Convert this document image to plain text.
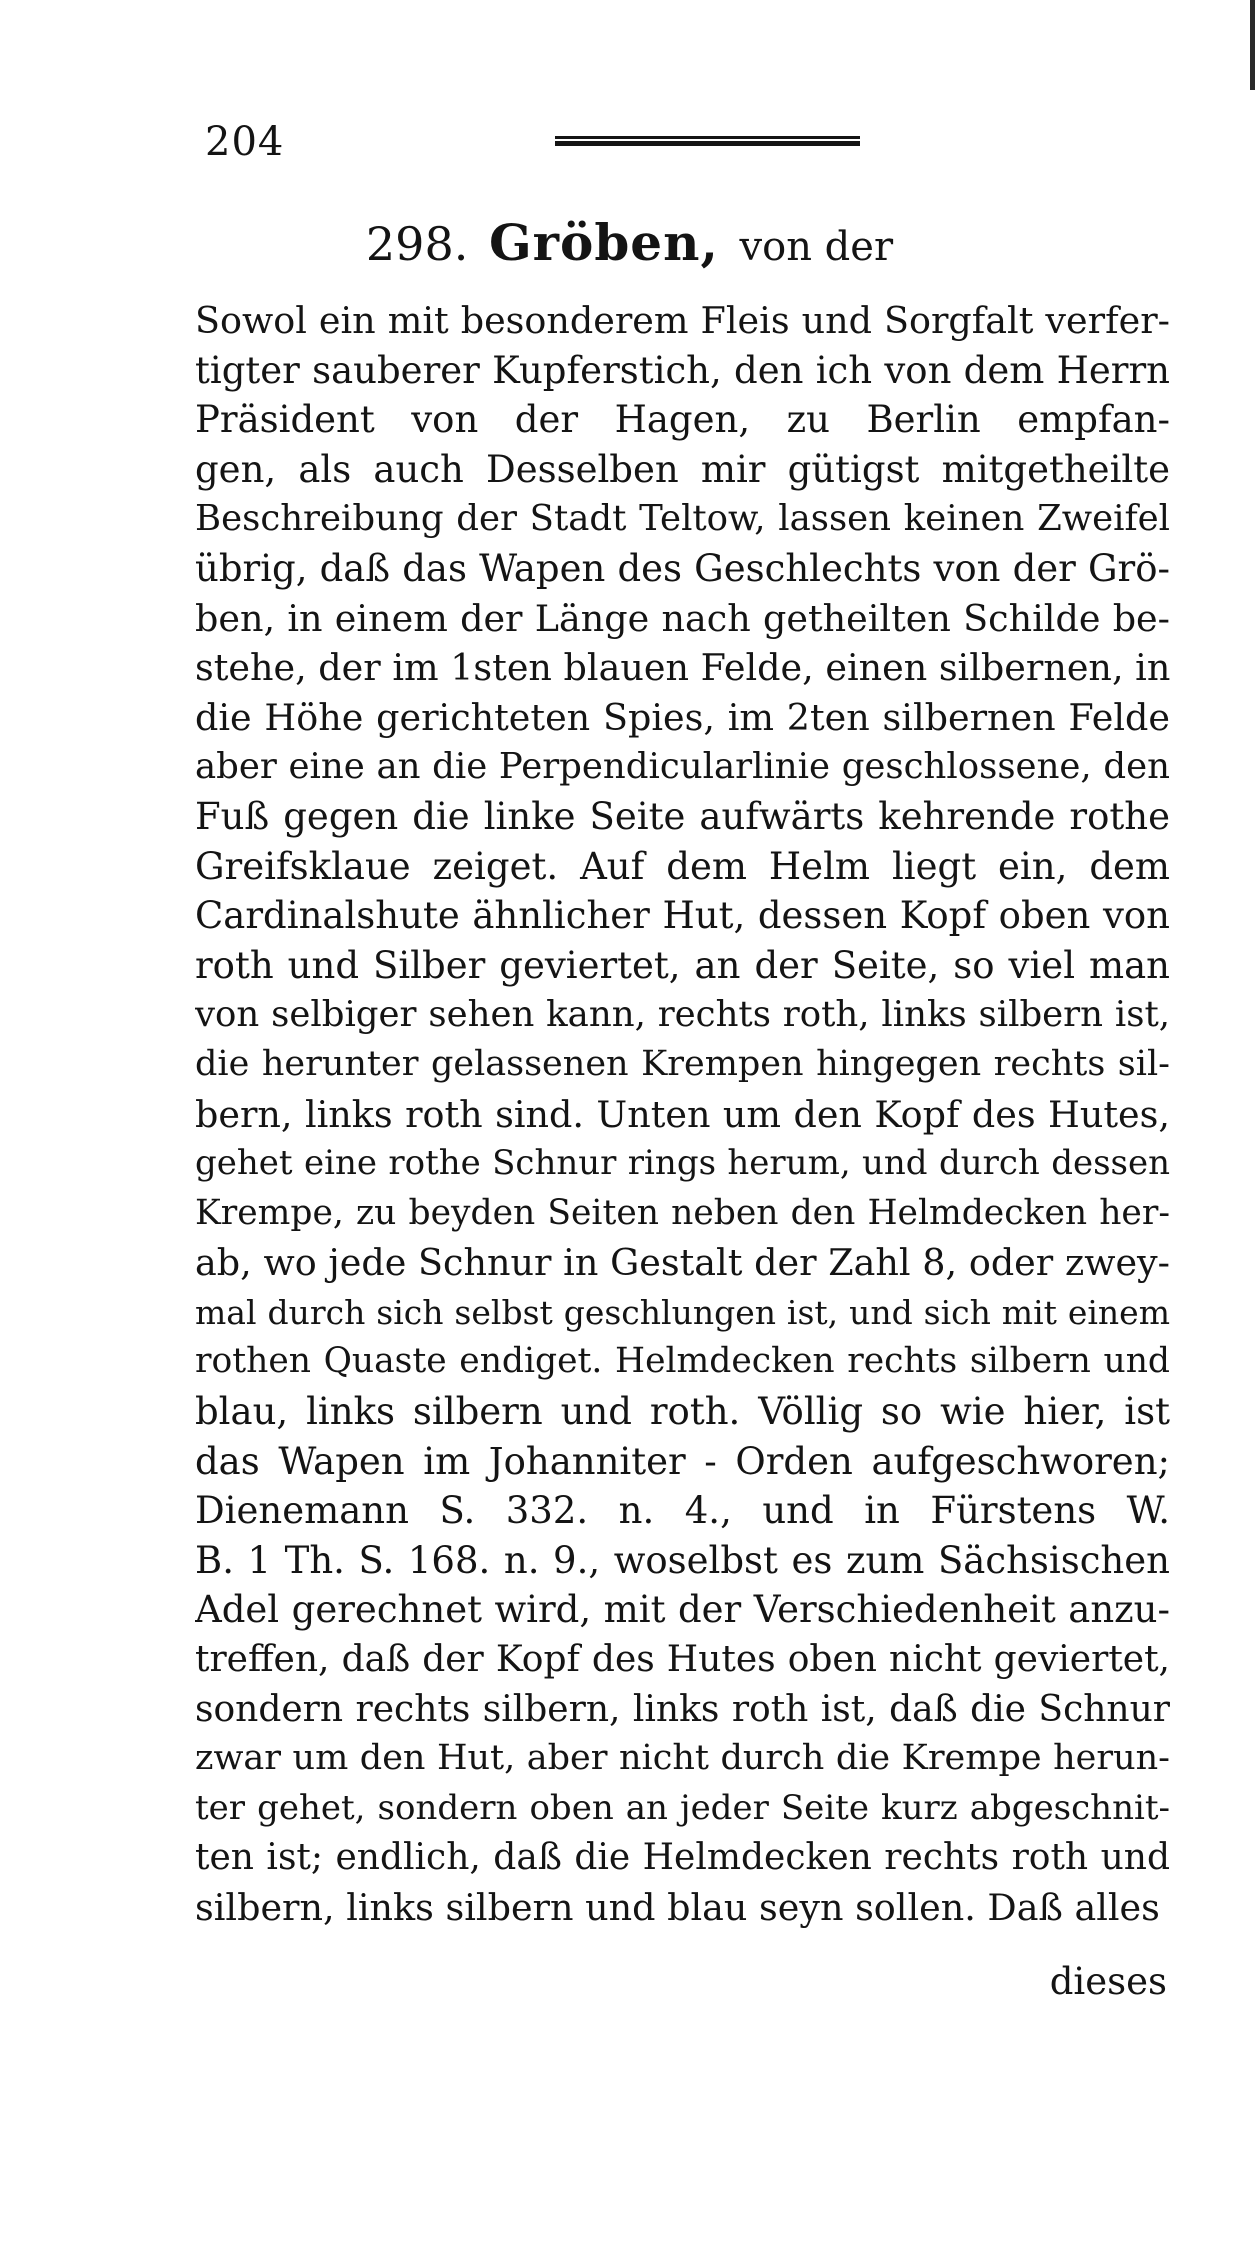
204
298. Gröben, von der
Sowol ein mit besonderem Fleis und Sorgfalt verfer-
tigter sauberer Kupferstich, den ich von dem Herrn
Präsident von der Hagen, zu Berlin empfan-
gen, als auch Desselben mir gütigst mitgetheilte
Beschreibung der Stadt Teltow, lassen keinen Zweifel
übrig, daß das Wapen des Geschlechts von der Grö-
ben, in einem der Länge nach getheilten Schilde be-
stehe, der im 1sten blauen Felde, einen silbernen, in
die Höhe gerichteten Spies, im 2ten silbernen Felde
aber eine an die Perpendicularlinie geschlossene, den
Fuß gegen die linke Seite aufwärts kehrende rothe
Greifsklaue zeiget. Auf dem Helm liegt ein, dem
Cardinalshute ähnlicher Hut, dessen Kopf oben von
roth und Silber geviertet, an der Seite, so viel man
von selbiger sehen kann, rechts roth, links silbern ist,
die herunter gelassenen Krempen hingegen rechts sil-
bern, links roth sind. Unten um den Kopf des Hutes,
gehet eine rothe Schnur rings herum, und durch dessen
Krempe, zu beyden Seiten neben den Helmdecken her-
ab, wo jede Schnur in Gestalt der Zahl 8, oder zwey-
mal durch sich selbst geschlungen ist, und sich mit einem
rothen Quaste endiget. Helmdecken rechts silbern und
blau, links silbern und roth. Völlig so wie hier, ist
das Wapen im Johanniter - Orden aufgeschworen;
Dienemann S. 332. n. 4., und in Fürstens W.
B. 1 Th. S. 168. n. 9., woselbst es zum Sächsischen
Adel gerechnet wird, mit der Verschiedenheit anzu-
treffen, daß der Kopf des Hutes oben nicht geviertet,
sondern rechts silbern, links roth ist, daß die Schnur
zwar um den Hut, aber nicht durch die Krempe herun-
ter gehet, sondern oben an jeder Seite kurz abgeschnit-
ten ist; endlich, daß die Helmdecken rechts roth und
silbern, links silbern und blau seyn sollen. Daß alles
dieses
